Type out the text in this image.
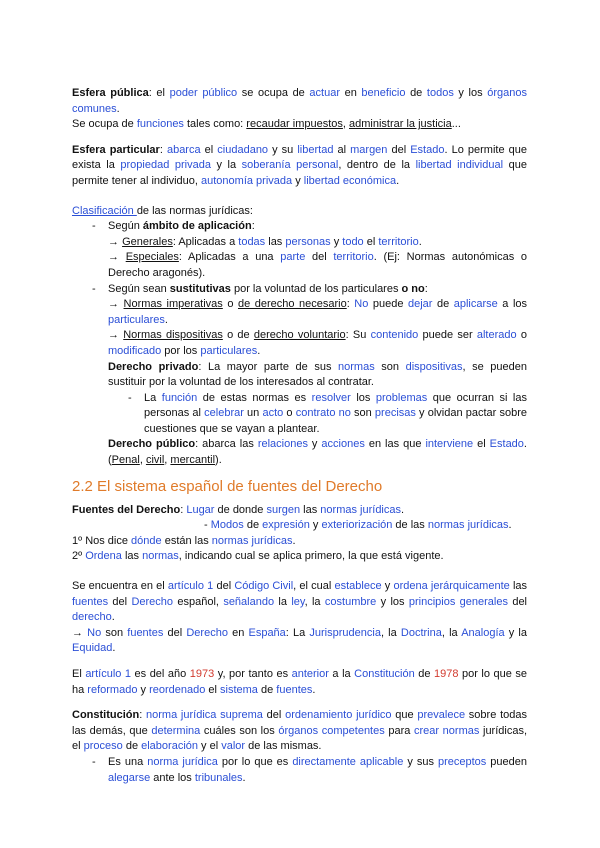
Esfera pública: el poder público se ocupa de actuar en beneficio de todos y los órganos comunes.

Se ocupa de funciones tales como: recaudar impuestos, administrar la justicia...

Esfera particular: abarca el ciudadano y su libertad al margen del Estado. Lo permite que exista la propiedad privada y la soberanía personal, dentro de la libertad individual que permite tener al individuo, autonomía privada y libertad económica.

Clasificación de las normas jurídicas:

- Según ámbito de aplicación:
→ Generales: Aplicadas a todas las personas y todo el territorio.
→ Especiales: Aplicadas a una parte del territorio. (Ej: Normas autonómicas o Derecho aragonés).
- Según sean sustitutivas por la voluntad de los particulares o no:
→ Normas imperativas o de derecho necesario: No puede dejar de aplicarse a los particulares.
→ Normas dispositivas o de derecho voluntario: Su contenido puede ser alterado o modificado por los particulares.
Derecho privado: La mayor parte de sus normas son dispositivas, se pueden sustituir por la voluntad de los interesados al contratar.
- La función de estas normas es resolver los problemas que ocurran si las personas al celebrar un acto o contrato no son precisas y olvidan pactar sobre cuestiones que se vayan a plantear.
Derecho público: abarca las relaciones y acciones en las que interviene el Estado. (Penal, civil, mercantil).
2.2 El sistema español de fuentes del Derecho

Fuentes del Derecho: Lugar de donde surgen las normas jurídicas.

- Modos de expresión y exteriorización de las normas jurídicas.

1º Nos dice dónde están las normas jurídicas.

2º Ordena las normas, indicando cual se aplica primero, la que está vigente.

Se encuentra en el artículo 1 del Código Civil, el cual establece y ordena jerárquicamente las fuentes del Derecho español, señalando la ley, la costumbre y los principios generales del derecho.

→ No son fuentes del Derecho en España: La Jurisprudencia, la Doctrina, la Analogía y la Equidad.

El artículo 1 es del año 1973 y, por tanto es anterior a la Constitución de 1978 por lo que se ha reformado y reordenado el sistema de fuentes.

Constitución: norma jurídica suprema del ordenamiento jurídico que prevalece sobre todas las demás, que determina cuáles son los órganos competentes para crear normas jurídicas, el proceso de elaboración y el valor de las mismas.

- Es una norma jurídica por lo que es directamente aplicable y sus preceptos pueden alegarse ante los tribunales.
